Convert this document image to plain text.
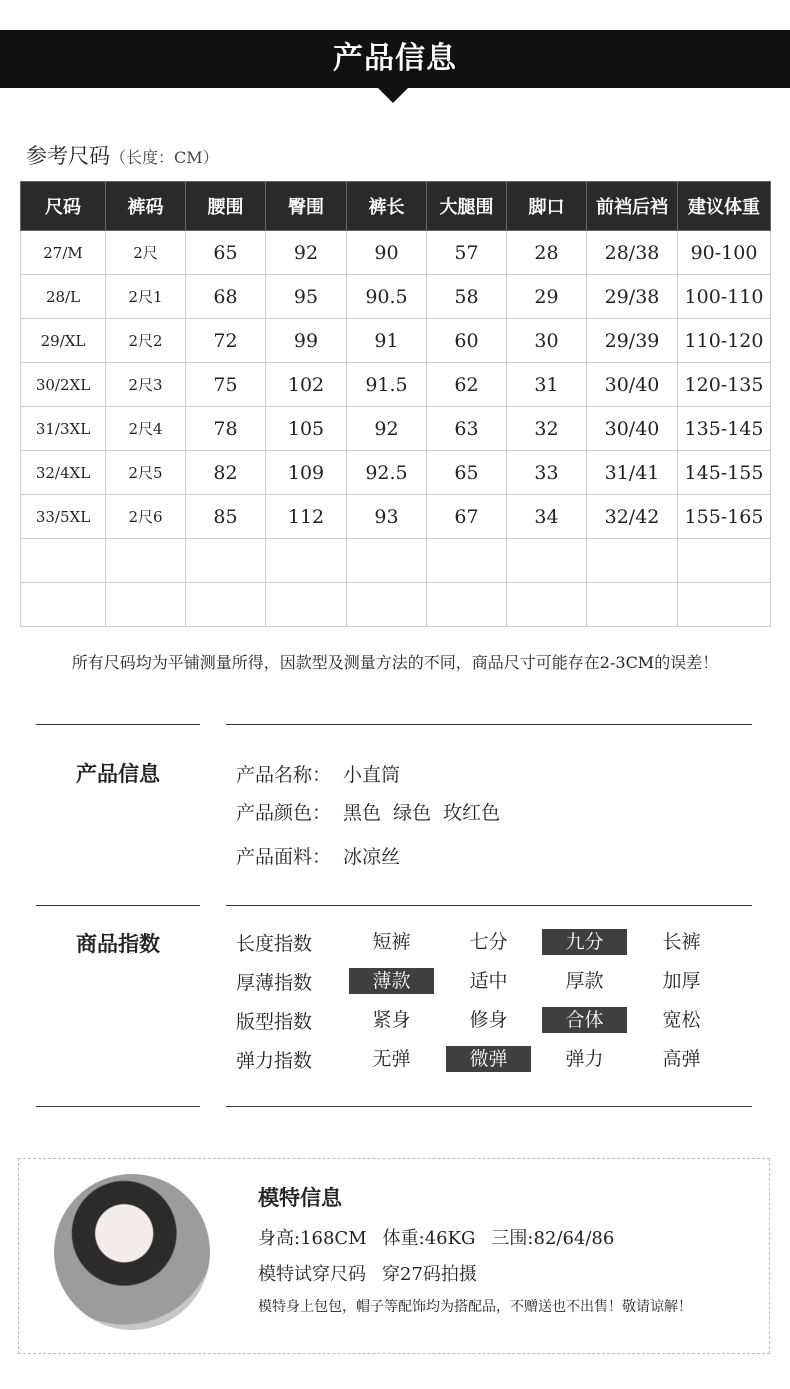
产品信息
参考尺码（长度：CM）
尺码	裤码	腰围	臀围	裤长	大腿围	脚口	前裆后裆	建议体重
27/M	2尺	65	92	90	57	28	28/38	90-100
28/L	2尺1	68	95	90.5	58	29	29/38	100-110
29/XL	2尺2	72	99	91	60	30	29/39	110-120
30/2XL	2尺3	75	102	91.5	62	31	30/40	120-135
31/3XL	2尺4	78	105	92	63	32	30/40	135-145
32/4XL	2尺5	82	109	92.5	65	33	31/41	145-155
33/5XL	2尺6	85	112	93	67	34	32/42	155-165

所有尺码均为平铺测量所得，因款型及测量方法的不同，商品尺寸可能存在2-3CM的误差！
产品信息	产品名称： 小直筒
产品颜色： 黑色  绿色  玫红色
产品面料： 冰凉丝
商品指数	长度指数	短裤	七分	九分	长裤
厚薄指数	薄款	适中	厚款	加厚
版型指数	紧身	修身	合体	宽松
弹力指数	无弹	微弹	弹力	高弹
模特信息
身高:168CM 体重:46KG 三围:82/64/86
模特试穿尺码 穿27码拍摄
模特身上包包，帽子等配饰均为搭配品，不赠送也不出售！敬请谅解！
